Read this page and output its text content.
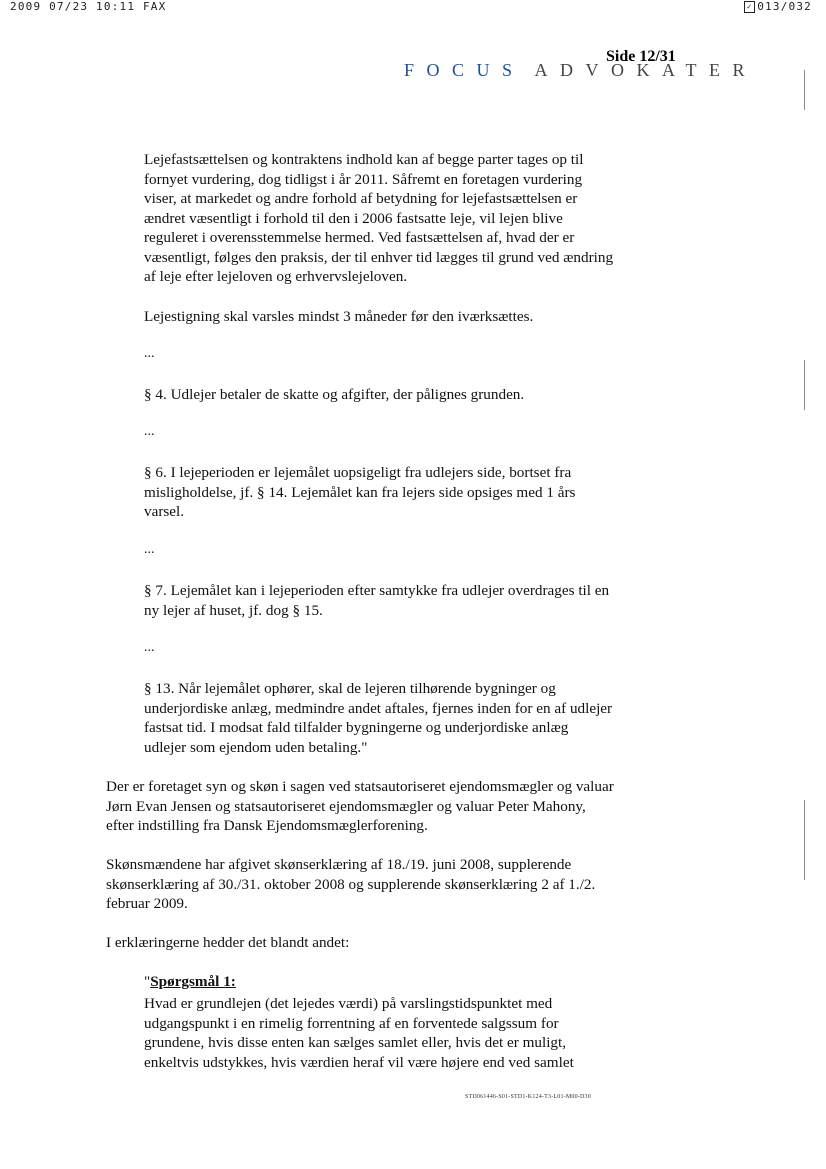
2009 07/23 10:11 FAX	✓ 013/032
FOCUS ADVOKATER
Side 12/31

Lejefastsættelsen og kontraktens indhold kan af begge parter tages op til fornyet vurdering, dog tidligst i år 2011. Såfremt en foretagen vurdering viser, at markedet og andre forhold af betydning for lejefastsættelsen er ændret væsentligt i forhold til den i 2006 fastsatte leje, vil lejen blive reguleret i overensstemmelse hermed. Ved fastsættelsen af, hvad der er væsentligt, følges den praksis, der til enhver tid lægges til grund ved ændring af leje efter lejeloven og erhvervslejeloven.

Lejestigning skal varsles mindst 3 måneder før den iværksættes.

...

§ 4. Udlejer betaler de skatte og afgifter, der pålignes grunden.

...

§ 6. I lejeperioden er lejemålet uopsigeligt fra udlejers side, bortset fra misligholdelse, jf. § 14. Lejemålet kan fra lejers side opsiges med 1 års varsel.

...

§ 7. Lejemålet kan i lejeperioden efter samtykke fra udlejer overdrages til en ny lejer af huset, jf. dog § 15.

...

§ 13. Når lejemålet ophører, skal de lejeren tilhørende bygninger og underjordiske anlæg, medmindre andet aftales, fjernes inden for en af udlejer fastsat tid. I modsat fald tilfalder bygningerne og underjordiske anlæg udlejer som ejendom uden betaling."

Der er foretaget syn og skøn i sagen ved statsautoriseret ejendomsmægler og valuar Jørn Evan Jensen og statsautoriseret ejendomsmægler og valuar Peter Mahony, efter indstilling fra Dansk Ejendomsmæglerforening.

Skønsmændene har afgivet skønserklæring af 18./19. juni 2008, supplerende skønserklæring af 30./31. oktober 2008 og supplerende skønserklæring 2 af 1./2. februar 2009.

I erklæringerne hedder det blandt andet:

"Spørgsmål 1:

Hvad er grundlejen (det lejedes værdi) på varslingstidspunktet med udgangspunkt i en rimelig forrentning af en forventede salgssum for grundene, hvis disse enten kan sælges samlet eller, hvis det er muligt, enkeltvis udstykkes, hvis værdien heraf vil være højere end ved samlet

STD061446-S01-STD1-K124-T3-L01-M00-D30
